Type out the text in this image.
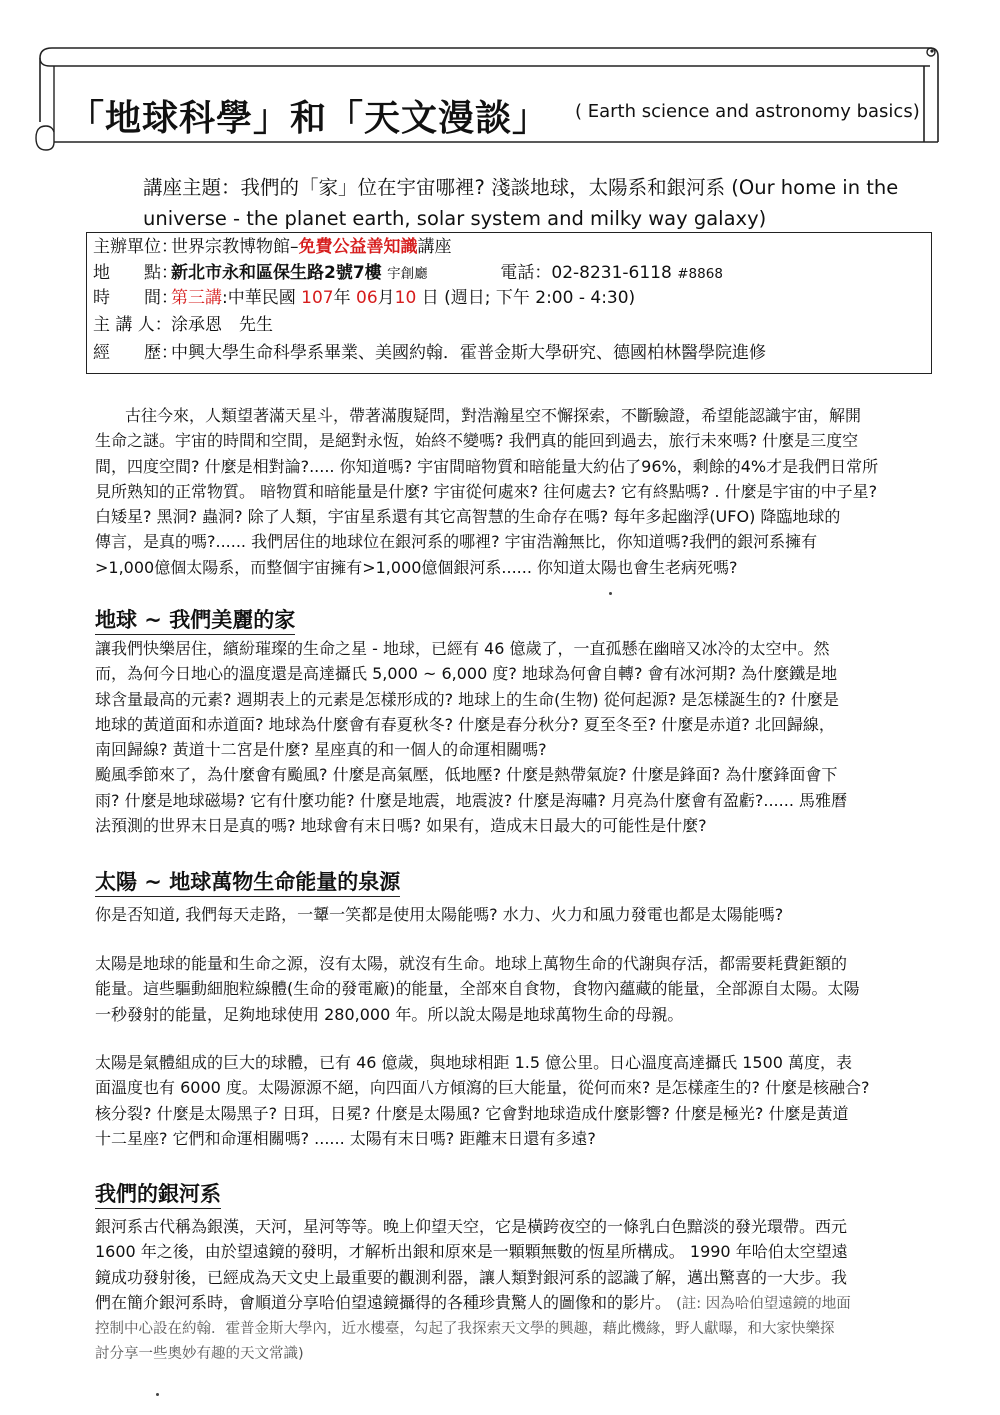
「地球科學」和「天文漫談」 ( Earth science and astronomy basics)
講座主題：我們的「家」位在宇宙哪裡? 淺談地球，太陽系和銀河系 (Our home in the universe - the planet earth, solar system and milky way galaxy)
主辦單位：世界宗教博物館–免費公益善知識講座
地　　點：新北市永和區保生路2號7樓 宇創廳	電話：02-8231-6118 #8868
時　　間：第三講:中華民國 107年 06月10 日 (週日; 下午 2:00 - 4:30)
主 講 人：涂承恩　先生
經　　歷：中興大學生命科學系畢業、美國約翰．霍普金斯大學研究、德國柏林醫學院進修
古往今來，人類望著滿天星斗，帶著滿腹疑問，對浩瀚星空不懈探索，不斷驗證，希望能認識宇宙，解開
生命之謎。宇宙的時間和空間，是絕對永恆，始終不變嗎? 我們真的能回到過去，旅行未來嗎? 什麼是三度空
間，四度空間? 什麼是相對論?..... 你知道嗎? 宇宙間暗物質和暗能量大約佔了96%，剩餘的4%才是我們日常所
見所熟知的正常物質。 暗物質和暗能量是什麼? 宇宙從何處來? 往何處去? 它有終點嗎? . 什麼是宇宙的中子星?
白矮星? 黑洞? 蟲洞? 除了人類，宇宙星系還有其它高智慧的生命存在嗎? 每年多起幽浮(UFO) 降臨地球的
傳言，是真的嗎?...... 我們居住的地球位在銀河系的哪裡? 宇宙浩瀚無比，你知道嗎?我們的銀河系擁有
>1,000億個太陽系，而整個宇宙擁有>1,000億個銀河系...... 你知道太陽也會生老病死嗎?
地球 ~ 我們美麗的家
讓我們快樂居住，繽紛璀璨的生命之星 - 地球，已經有 46 億歲了，一直孤懸在幽暗又冰冷的太空中。然
而，為何今日地心的溫度還是高達攝氏 5,000 ~ 6,000 度? 地球為何會自轉? 會有冰河期? 為什麼鐵是地
球含量最高的元素? 週期表上的元素是怎樣形成的? 地球上的生命(生物) 從何起源? 是怎樣誕生的? 什麼是
地球的黃道面和赤道面? 地球為什麼會有春夏秋冬? 什麼是春分秋分? 夏至冬至? 什麼是赤道? 北回歸線，
南回歸線? 黃道十二宮是什麼? 星座真的和一個人的命運相關嗎?
颱風季節來了，為什麼會有颱風? 什麼是高氣壓，低地壓? 什麼是熱帶氣旋? 什麼是鋒面? 為什麼鋒面會下
雨? 什麼是地球磁場? 它有什麼功能? 什麼是地震，地震波? 什麼是海嘯? 月亮為什麼會有盈虧?...... 馬雅曆
法預測的世界末日是真的嗎? 地球會有末日嗎? 如果有，造成末日最大的可能性是什麼?
太陽 ~ 地球萬物生命能量的泉源
你是否知道, 我們每天走路，一顰一笑都是使用太陽能嗎? 水力、火力和風力發電也都是太陽能嗎?
太陽是地球的能量和生命之源，沒有太陽，就沒有生命。地球上萬物生命的代謝與存活，都需要耗費鉅額的
能量。這些驅動細胞粒線體(生命的發電廠)的能量，全部來自食物，食物內蘊藏的能量，全部源自太陽。太陽
一秒發射的能量，足夠地球使用 280,000 年。所以說太陽是地球萬物生命的母親。
太陽是氣體組成的巨大的球體，已有 46 億歲，與地球相距 1.5 億公里。日心溫度高達攝氏 1500 萬度，表
面溫度也有 6000 度。太陽源源不絕，向四面八方傾瀉的巨大能量，從何而來? 是怎樣產生的? 什麼是核融合?
核分裂? 什麼是太陽黑子? 日珥，日冕? 什麼是太陽風? 它會對地球造成什麼影響? 什麼是極光? 什麼是黃道
十二星座? 它們和命運相關嗎? ...... 太陽有末日嗎? 距離末日還有多遠?
我們的銀河系
銀河系古代稱為銀漢，天河，星河等等。晚上仰望天空，它是橫跨夜空的一條乳白色黯淡的發光環帶。西元
1600 年之後，由於望遠鏡的發明，才解析出銀和原來是一顆顆無數的恆星所構成。 1990 年哈伯太空望遠
鏡成功發射後，已經成為天文史上最重要的觀測利器，讓人類對銀河系的認識了解，邁出驚喜的一大步。我
們在簡介銀河系時，會順道分享哈伯望遠鏡攝得的各種珍貴驚人的圖像和的影片。 (註: 因為哈伯望遠鏡的地面
控制中心設在約翰．霍普金斯大學內，近水樓臺，勾起了我探索天文學的興趣，藉此機緣，野人獻曝，和大家快樂探
討分享一些奧妙有趣的天文常識)
